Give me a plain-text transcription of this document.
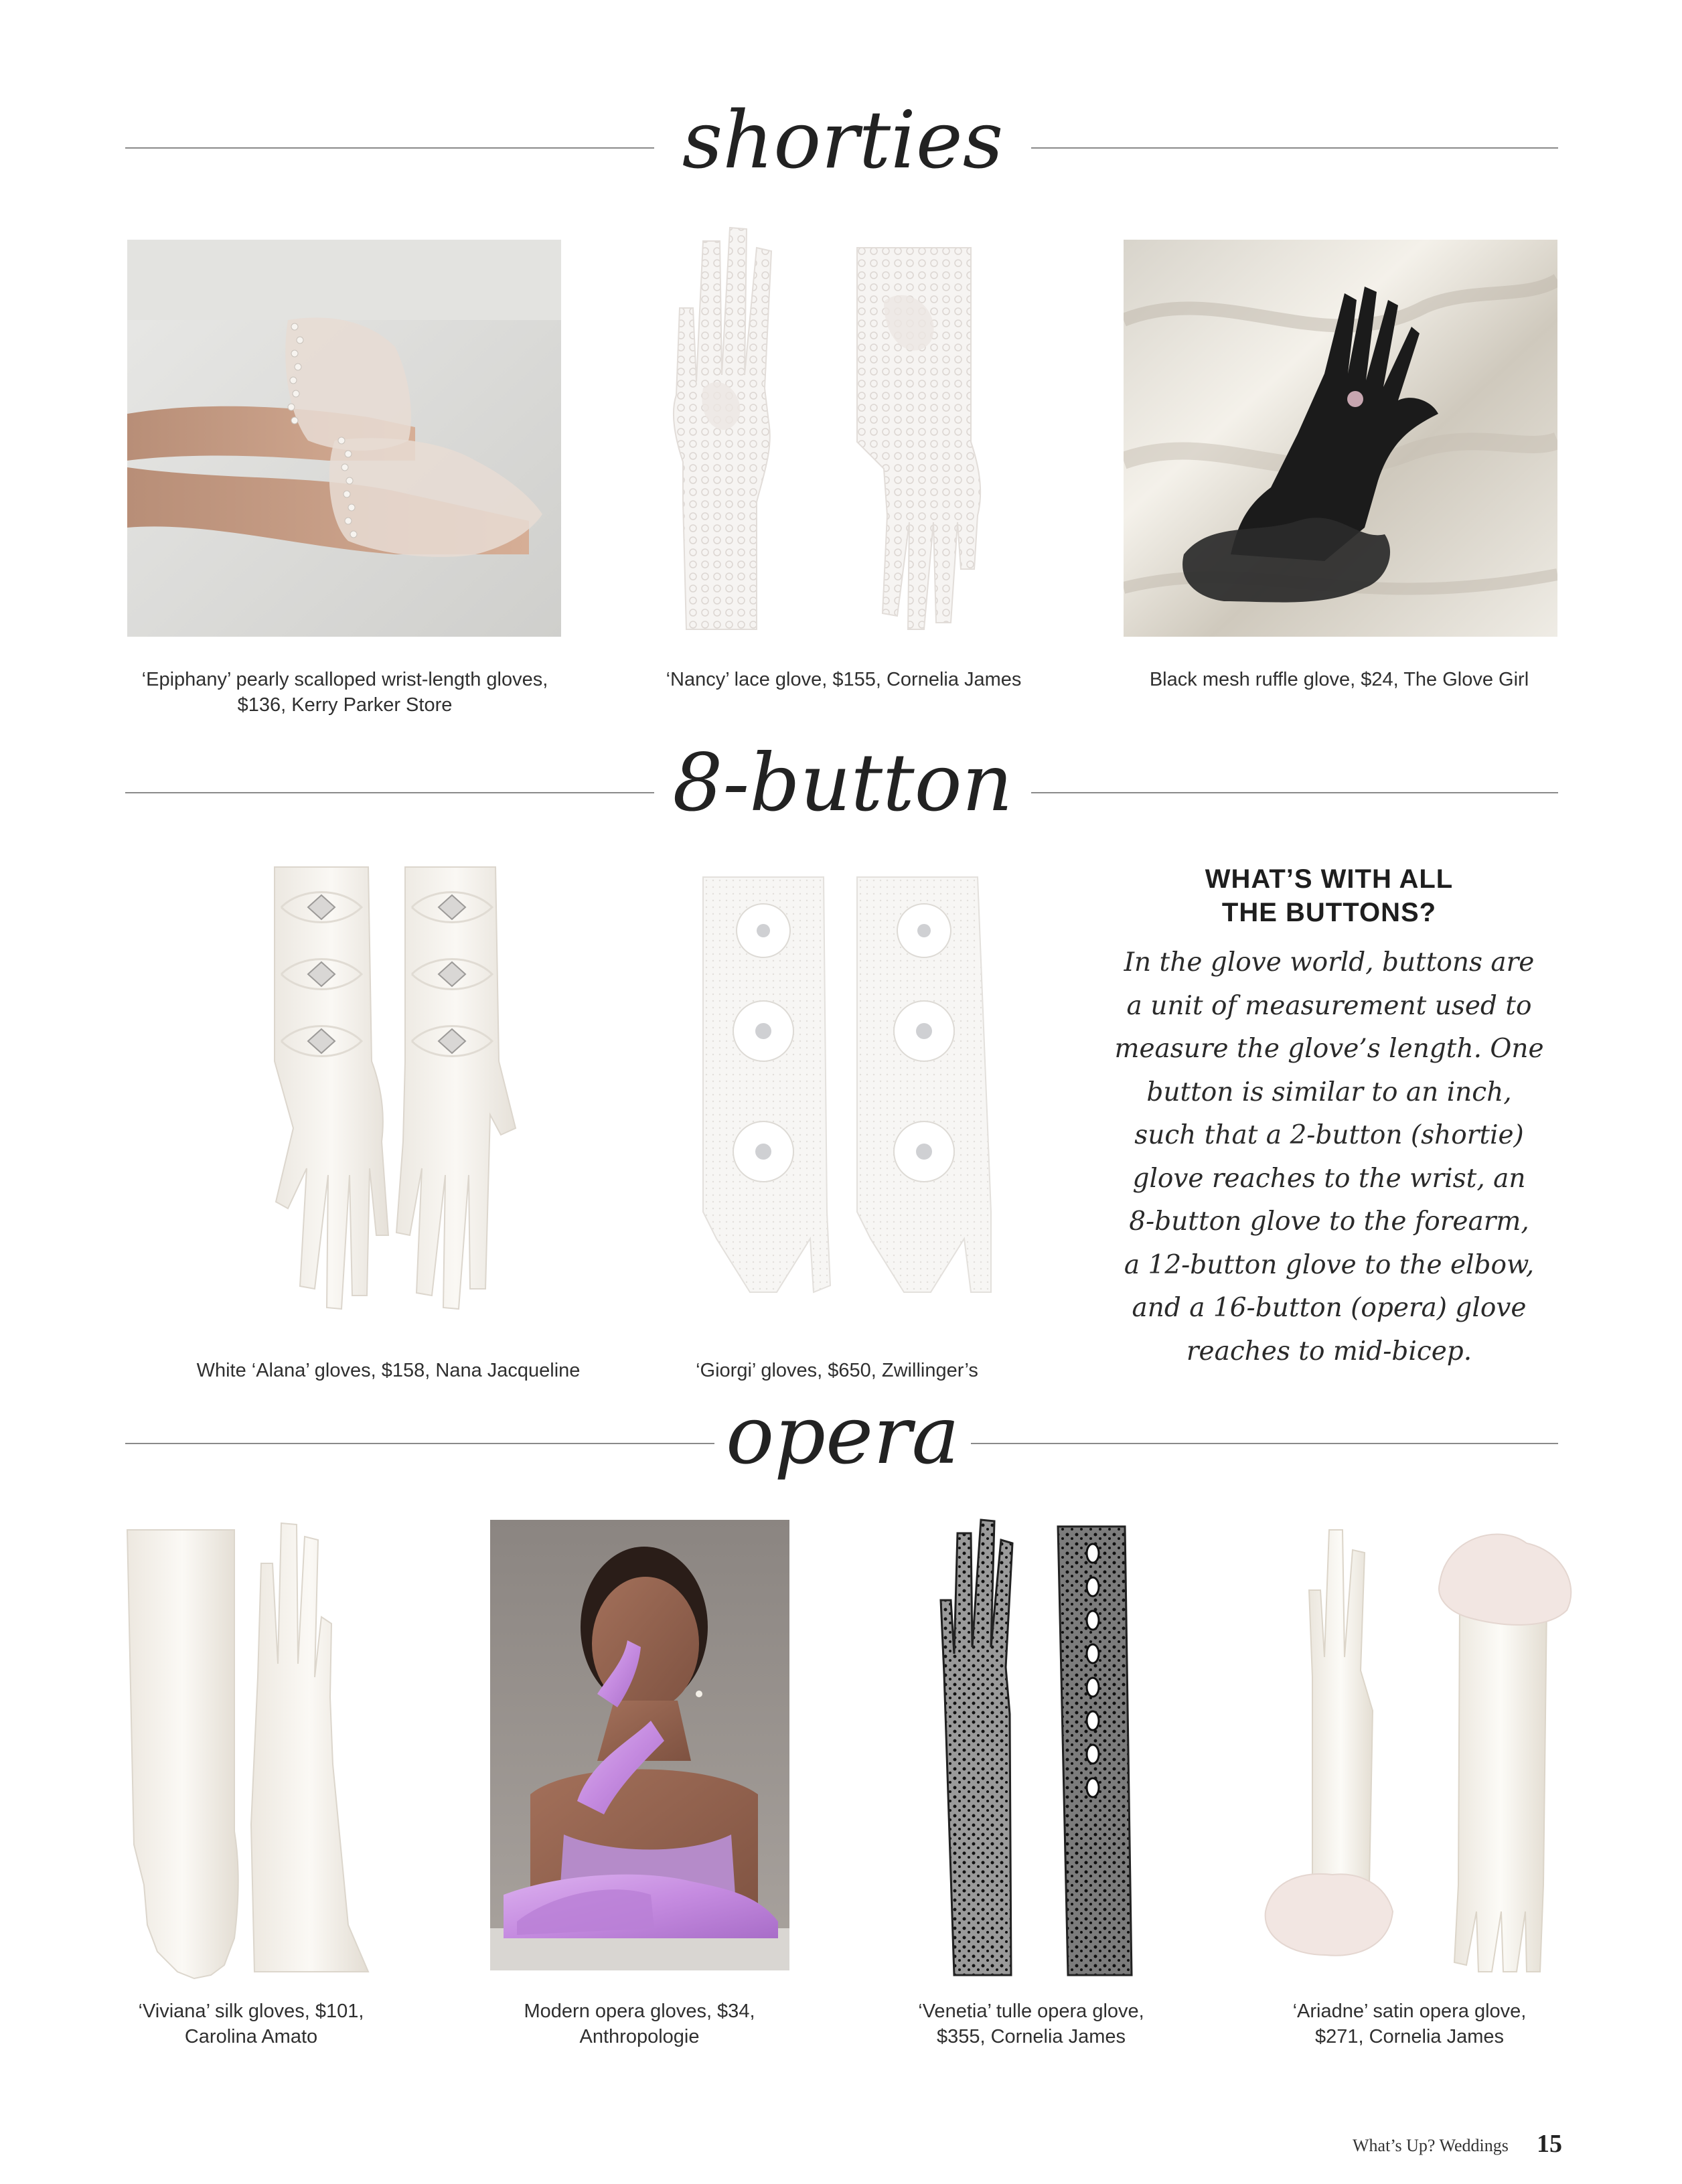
shorties
‘Epiphany’ pearly scalloped wrist-length gloves,
$136, Kerry Parker Store
‘Nancy’ lace glove, $155, Cornelia James	Black mesh ruffle glove, $24, The Glove Girl
8-button
White ‘Alana’ gloves, $158, Nana Jacqueline	‘Giorgi’ gloves, $650, Zwillinger’s
WHAT’S WITH ALL
THE BUTTONS?
In the glove world, buttons are
a unit of measurement used to
measure the glove’s length. One
button is similar to an inch,
such that a 2-button (shortie)
glove reaches to the wrist, an
8-button glove to the forearm,
a 12-button glove to the elbow,
and a 16-button (opera) glove
reaches to mid-bicep.
opera
‘Viviana’ silk gloves, $101,
Carolina Amato
Modern opera gloves, $34,
Anthropologie
‘Venetia’ tulle opera glove,
$355, Cornelia James
‘Ariadne’ satin opera glove,
$271, Cornelia James
What’s Up? Weddings 15
